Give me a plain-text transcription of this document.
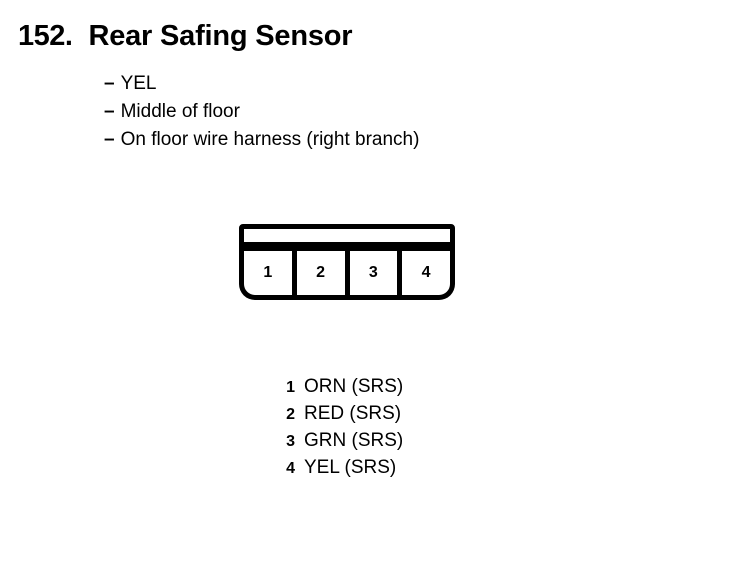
152. Rear Safing Sensor
– YEL
– Middle of floor
– On floor wire harness (right branch)
1	2	3	4
1 ORN (SRS)
2 RED (SRS)
3 GRN (SRS)
4 YEL (SRS)
